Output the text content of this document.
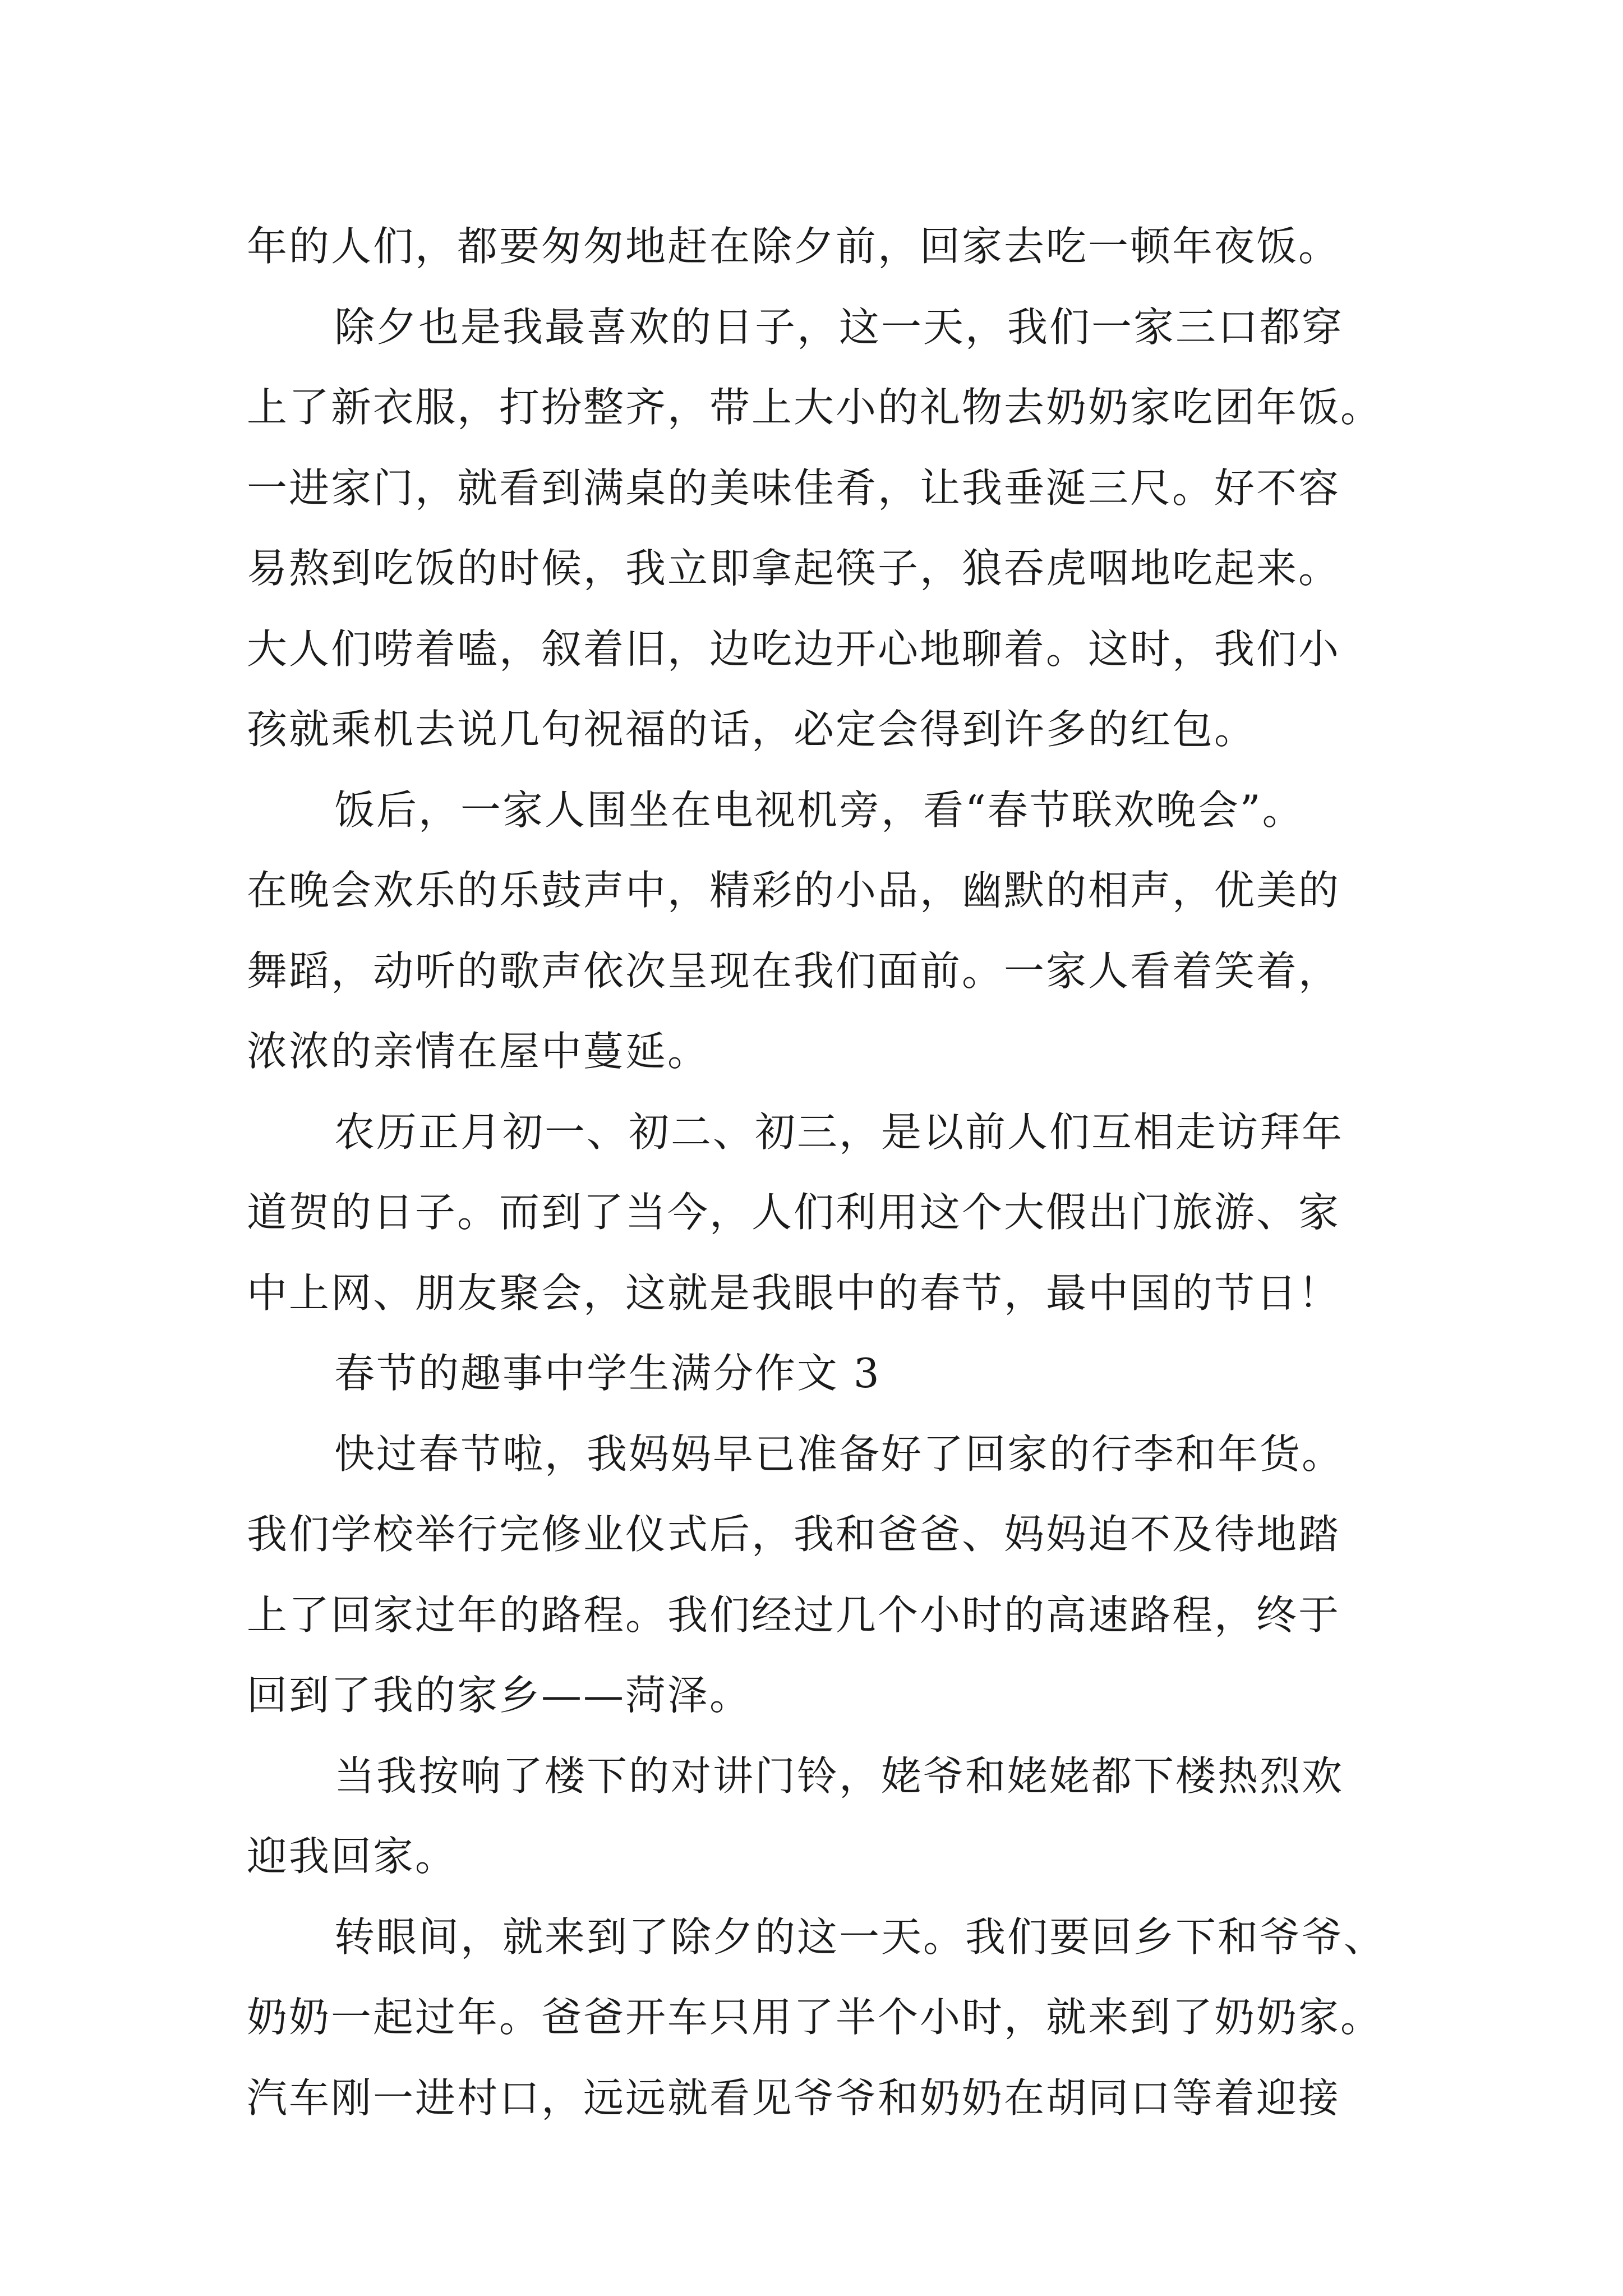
年的人们，都要匆匆地赶在除夕前，回家去吃一顿年夜饭。
除夕也是我最喜欢的日子，这一天，我们一家三口都穿
上了新衣服，打扮整齐，带上大小的礼物去奶奶家吃团年饭。
一进家门，就看到满桌的美味佳肴，让我垂涎三尺。好不容
易熬到吃饭的时候，我立即拿起筷子，狼吞虎咽地吃起来。
大人们唠着嗑，叙着旧，边吃边开心地聊着。这时，我们小
孩就乘机去说几句祝福的话，必定会得到许多的红包。
饭后，一家人围坐在电视机旁，看“春节联欢晚会”。
在晚会欢乐的乐鼓声中，精彩的小品，幽默的相声，优美的
舞蹈，动听的歌声依次呈现在我们面前。一家人看着笑着，
浓浓的亲情在屋中蔓延。
农历正月初一、初二、初三，是以前人们互相走访拜年
道贺的日子。而到了当今，人们利用这个大假出门旅游、家
中上网、朋友聚会，这就是我眼中的春节，最中国的节日！
春节的趣事中学生满分作文 3
快过春节啦，我妈妈早已准备好了回家的行李和年货。
我们学校举行完修业仪式后，我和爸爸、妈妈迫不及待地踏
上了回家过年的路程。我们经过几个小时的高速路程，终于
回到了我的家乡——菏泽。
当我按响了楼下的对讲门铃，姥爷和姥姥都下楼热烈欢
迎我回家。
转眼间，就来到了除夕的这一天。我们要回乡下和爷爷、
奶奶一起过年。爸爸开车只用了半个小时，就来到了奶奶家。
汽车刚一进村口，远远就看见爷爷和奶奶在胡同口等着迎接
